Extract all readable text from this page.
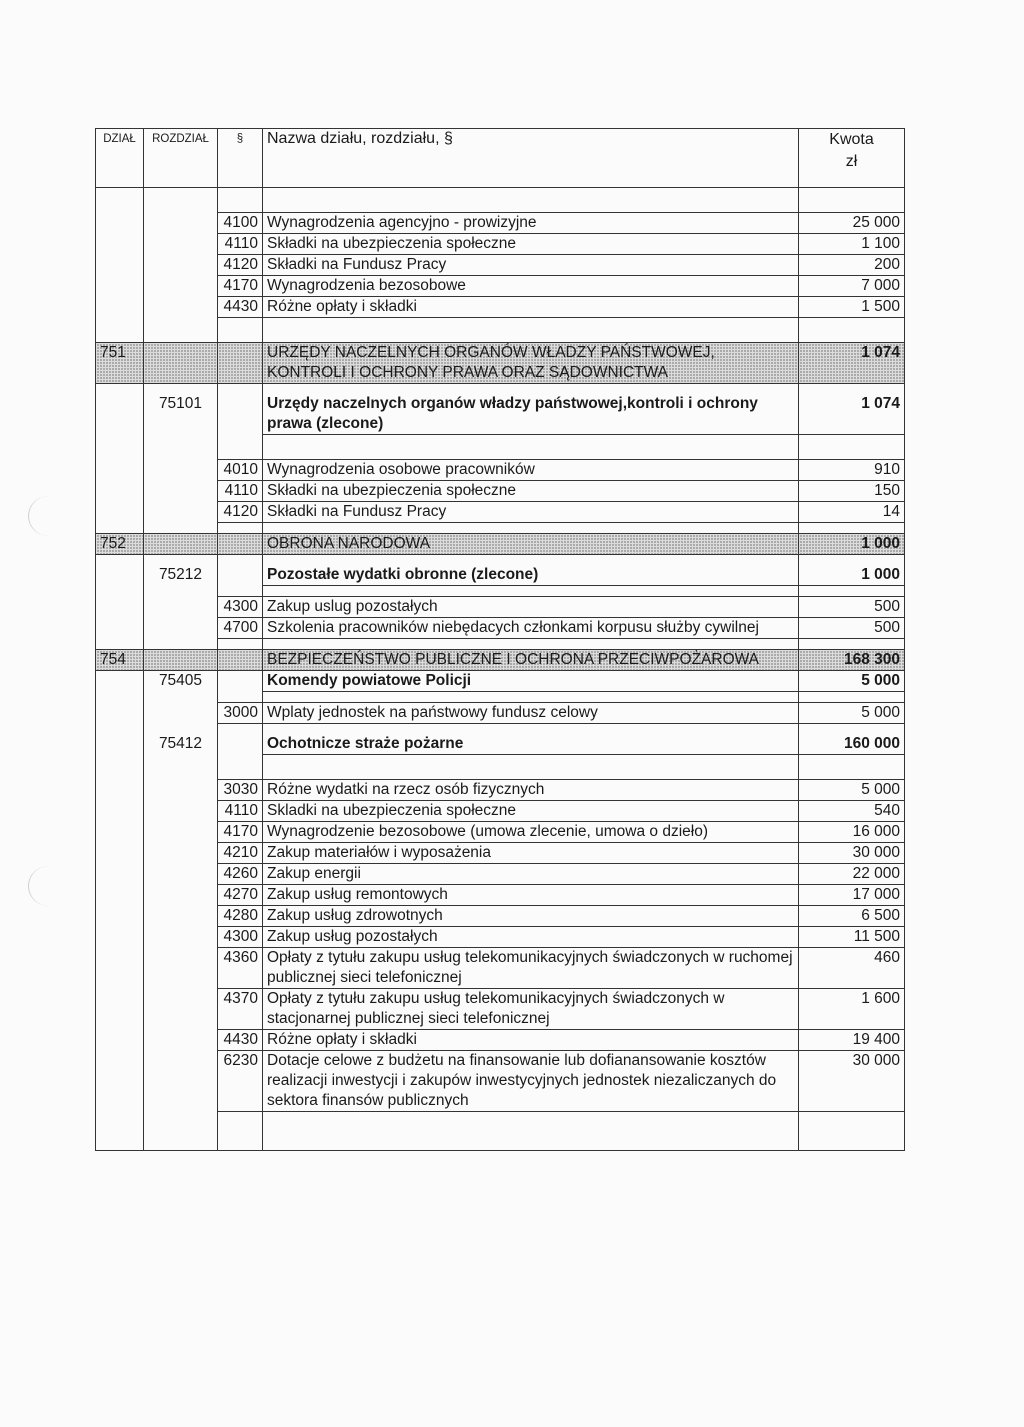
DZIAŁ	ROZDZIAŁ	§	Nazwa działu, rozdziału, §	Kwota
zł

		4100	Wynagrodzenia agencyjno - prowizyjne	25 000
		4110	Składki na ubezpieczenia społeczne	1 100
		4120	Składki na Fundusz Pracy	200
		4170	Wynagrodzenia bezosobowe	7 000
		4430	Różne opłaty i składki	1 500

751			URZĘDY NACZELNYCH ORGANÓW WŁADZY PAŃSTWOWEJ, KONTROLI I OCHRONY PRAWA ORAZ SĄDOWNICTWA	1 074

	75101		Urzędy naczelnych organów władzy państwowej,kontroli i ochrony prawa (zlecone)	1 074

		4010	Wynagrodzenia osobowe pracowników	910
		4110	Składki na ubezpieczenia społeczne	150
		4120	Składki na Fundusz Pracy	14

752			OBRONA NARODOWA	1 000

	75212		Pozostałe wydatki obronne (zlecone)	1 000

		4300	Zakup uslug pozostałych	500
		4700	Szkolenia pracowników niebędacych członkami korpusu służby cywilnej	500

754			BEZPIECZEŃSTWO PUBLICZNE I OCHRONA PRZECIWPOŻAROWA	168 300
	75405		Komendy powiatowe Policji	5 000

		3000	Wplaty jednostek na państwowy fundusz celowy	5 000

	75412		Ochotnicze straże pożarne	160 000

		3030	Różne wydatki na rzecz osób fizycznych	5 000
		4110	Skladki na ubezpieczenia społeczne	540
		4170	Wynagrodzenie bezosobowe (umowa zlecenie, umowa o dzieło)	16 000
		4210	Zakup materiałów i wyposażenia	30 000
		4260	Zakup energii	22 000
		4270	Zakup usług remontowych	17 000
		4280	Zakup usług zdrowotnych	6 500
		4300	Zakup usług pozostałych	11 500
		4360	Opłaty z tytułu zakupu usług telekomunikacyjnych świadczonych w ruchomej publicznej sieci telefonicznej	460
		4370	Opłaty z tytułu zakupu usług telekomunikacyjnych świadczonych w stacjonarnej publicznej sieci telefonicznej	1 600
		4430	Różne opłaty i składki	19 400
		6230	Dotacje celowe z budżetu na finansowanie lub dofianansowanie kosztów realizacji inwestycji i zakupów inwestycyjnych jednostek niezaliczanych do sektora finansów publicznych	30 000
